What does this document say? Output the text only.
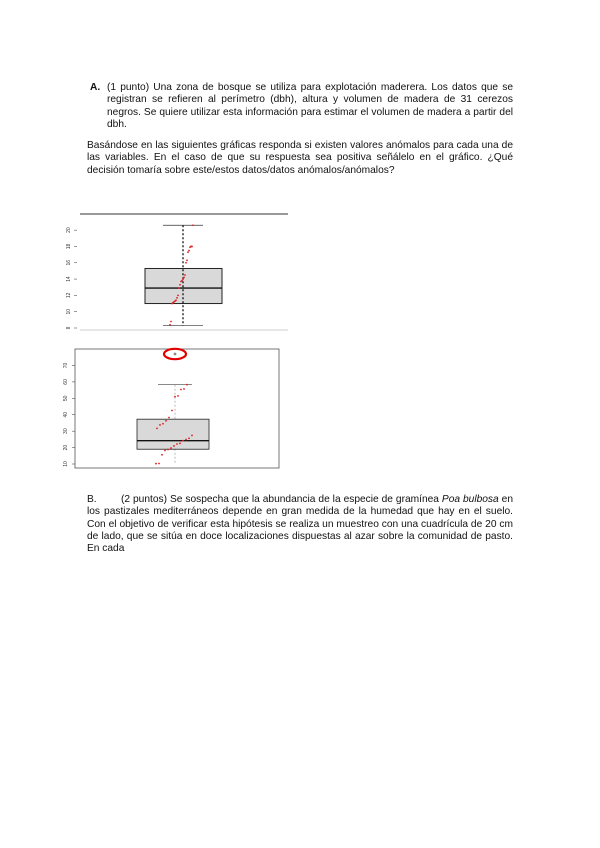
A. (1 punto) Una zona de bosque se utiliza para explotación maderera. Los datos que se registran se refieren al perímetro (dbh), altura y volumen de madera de 31 cerezos negros. Se quiere utilizar esta información para estimar el volumen de madera a partir del dbh.
Basándose en las siguientes gráficas responda si existen valores anómalos para cada una de las variables. En el caso de que su respuesta sea positiva señálelo en el gráfico. ¿Qué decisión tomaría sobre este/estos datos/datos anómalos/anómalos?
8
10
12
14
16
18
20
10
20
30
40
50
60
70
(2 puntos) Se sospecha que la abundancia de la especie de gramínea Poa bulbosa en los pastizales mediterráneos depende en gran medida de la humedad que hay en el suelo. Con el objetivo de verificar esta hipótesis se realiza un muestreo con una cuadrícula de 20 cm de lado, que se sitúa en doce localizaciones dispuestas al azar sobre la comunidad de pasto. En cada
B.
